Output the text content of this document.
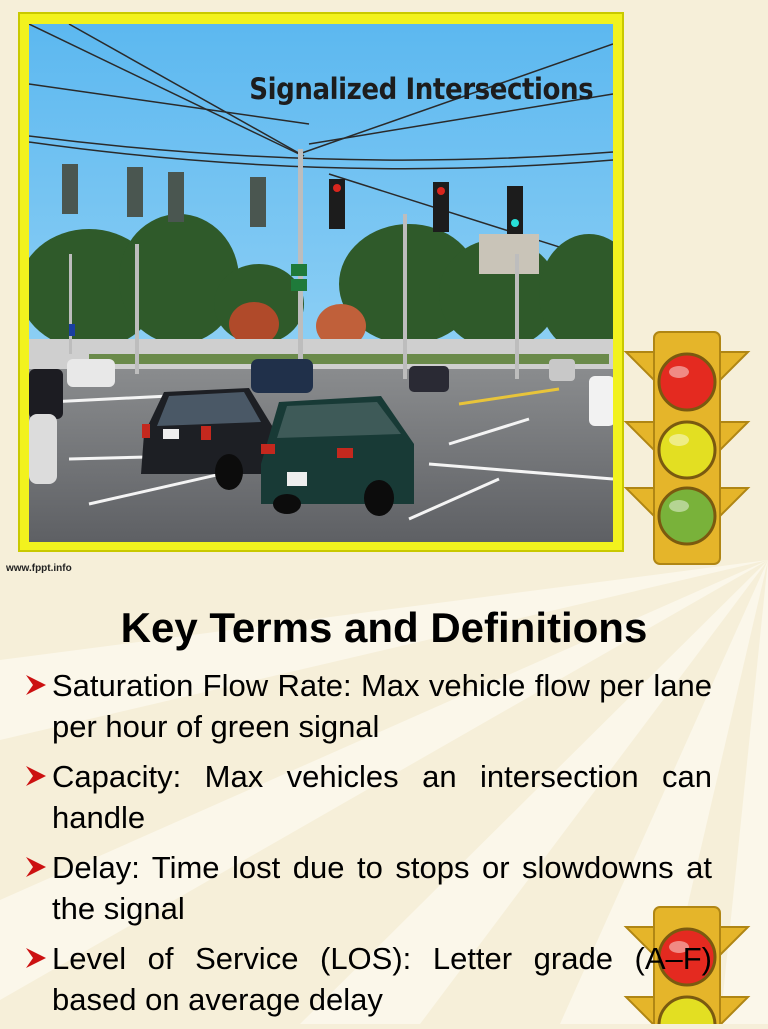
Signalized Intersections
www.fppt.info
Key Terms and Definitions
Saturation Flow Rate: Max vehicle flow per lane per hour of green signal
Capacity: Max vehicles an intersection can handle
Delay: Time lost due to stops or slowdowns at the signal
Level of Service (LOS): Letter grade (A–F) based on average delay
